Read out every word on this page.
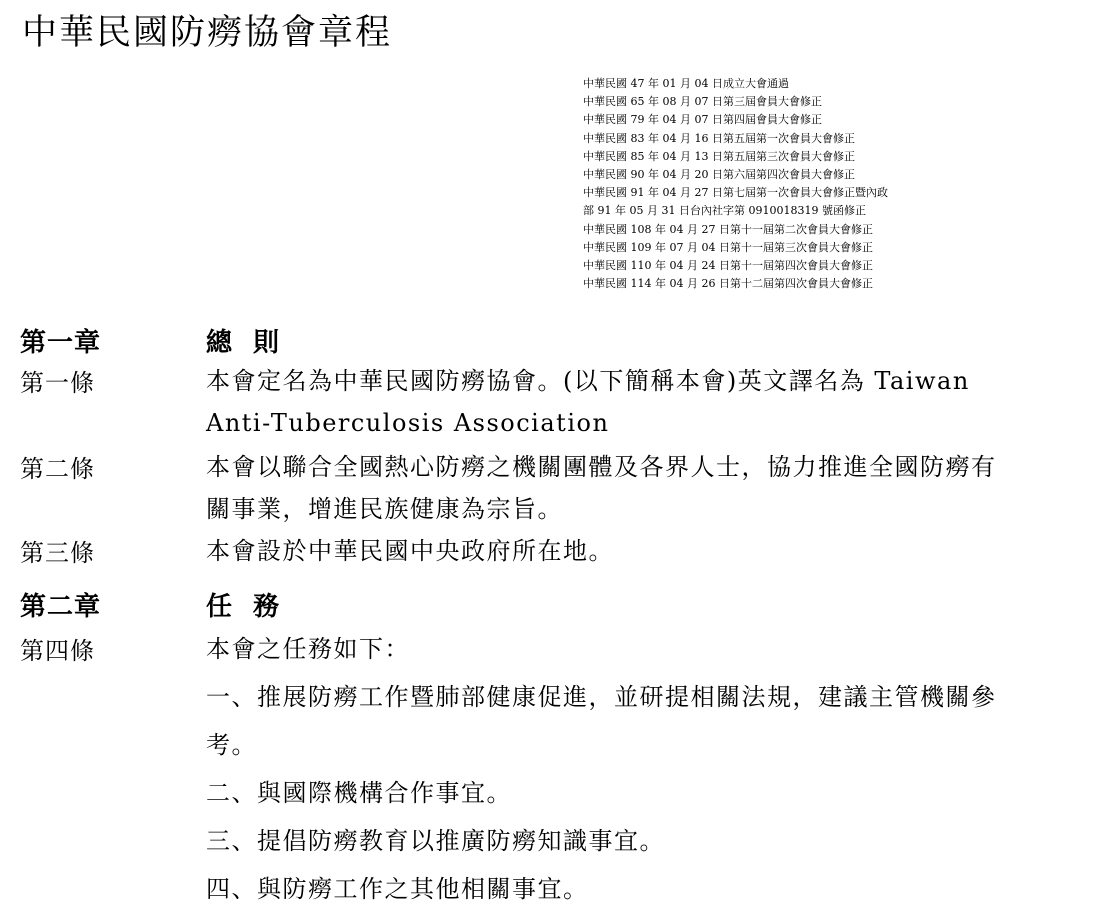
中華民國防癆協會章程
中華民國 47 年 01 月 04 日成立大會通過
中華民國 65 年 08 月 07 日第三屆會員大會修正
中華民國 79 年 04 月 07 日第四屆會員大會修正
中華民國 83 年 04 月 16 日第五屆第一次會員大會修正
中華民國 85 年 04 月 13 日第五屆第三次會員大會修正
中華民國 90 年 04 月 20 日第六屆第四次會員大會修正
中華民國 91 年 04 月 27 日第七屆第一次會員大會修正暨內政
部 91 年 05 月 31 日台內社字第 0910018319 號函修正
中華民國 108 年 04 月 27 日第十一屆第二次會員大會修正
中華民國 109 年 07 月 04 日第十一屆第三次會員大會修正
中華民國 110 年 04 月 24 日第十一屆第四次會員大會修正
中華民國 114 年 04 月 26 日第十二屆第四次會員大會修正
第一章	總 則
第一條	本會定名為中華民國防癆協會。(以下簡稱本會)英文譯名為 Taiwan
Anti-Tuberculosis Association
第二條	本會以聯合全國熱心防癆之機關團體及各界人士，協力推進全國防癆有
關事業，增進民族健康為宗旨。
第三條	本會設於中華民國中央政府所在地。
第二章	任 務
第四條	本會之任務如下：
一、推展防癆工作暨肺部健康促進，並研提相關法規，建議主管機關參
考。
二、與國際機構合作事宜。
三、提倡防癆教育以推廣防癆知識事宜。
四、與防癆工作之其他相關事宜。
